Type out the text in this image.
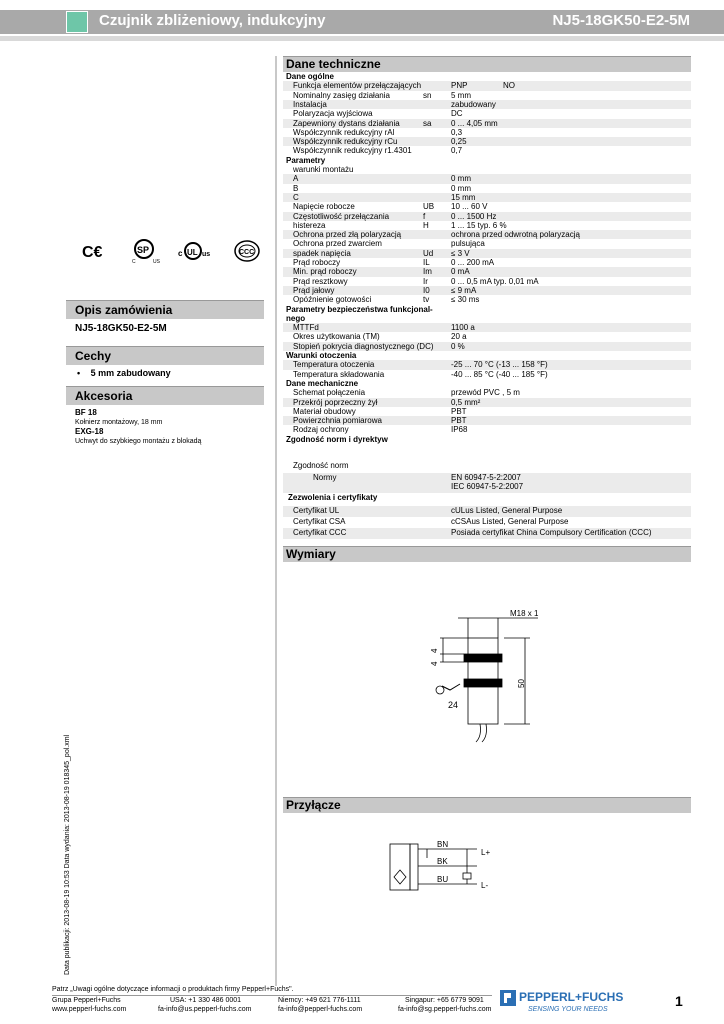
Czujnik zbliżeniowy, indukcyjny	NJ5-18GK50-E2-5M
C€	SP
C	US
c UL us	CCC
Opis zamówienia
NJ5-18GK50-E2-5M
Cechy
• 5 mm zabudowany
Akcesoria
BF 18
Kołnierz montażowy, 18 mm
EXG-18
Uchwyt do szybkiego montażu z blokadą
Data publikacji: 2013-08-19 10:53 Data wydania: 2013-08-19 018345_pol.xml
Dane techniczne
Dane ogólne
Funkcja elementów przełączających	PNP	NO
Nominalny zasięg działania	sn 5 mm
Instalacja	zabudowany
Polaryzacja wyjściowa	DC
Zapewniony dystans działania	sa 0 ... 4,05 mm
Współczynnik redukcyjny rAl	0,3
Współczynnik redukcyjny rCu	0,25
Współczynnik redukcyjny r1.4301	0,7
Parametry
warunki montażu
A	0 mm
B	0 mm
C	15 mm
Napięcie robocze	UB 10 ... 60 V
Częstotliwość przełączania	f	0 ... 1500 Hz
histereza	H	1 ... 15 typ. 6 %
Ochrona przed złą polaryzacją	ochrona przed odwrotną polaryzacją
Ochrona przed zwarciem	pulsująca
spadek napięcia	Ud ≤ 3 V
Prąd roboczy	IL	0 ... 200 mA
Min. prąd roboczy	Im 0 mA
Prąd resztkowy	Ir	0 ... 0,5 mA typ. 0,01 mA
Prąd jałowy	I0	≤ 9 mA
Opóźnienie gotowości	tv	≤ 30 ms
Parametry bezpieczeństwa funkcjonal-
nego
MTTFd	1100 a
Okres użytkowania (TM)	20 a
Stopień pokrycia diagnostycznego (DC) 0 %
Warunki otoczenia
Temperatura otoczenia	-25 ... 70 °C (-13 ... 158 °F)
Temperatura składowania	-40 ... 85 °C (-40 ... 185 °F)
Dane mechaniczne
Schemat połączenia	przewód PVC , 5 m
Przekrój poprzeczny żył	0,5 mm²
Materiał obudowy	PBT
Powierzchnia pomiarowa	PBT
Rodzaj ochrony	IP68
Zgodność norm i dyrektyw
Zgodność norm
Normy	EN 60947-5-2:2007
IEC 60947-5-2:2007
Zezwolenia i certyfikaty
Certyfikat UL	cULus Listed, General Purpose
Certyfikat CSA	cCSAus Listed, General Purpose
Certyfikat CCC	Posiada certyfikat China Compulsory Certification (CCC)
Wymiary
M18 x 1
4
4
50
24
Przyłącze
BN
BK
BU
L+
L-
Patrz „Uwagi ogólne dotyczące informacji o produktach firmy Pepperl+Fuchs".
Grupa Pepperl+Fuchs
www.pepperl-fuchs.com
USA: +1 330 486 0001
fa-info@us.pepperl-fuchs.com
Niemcy: +49 621 776-1111
fa-info@pepperl-fuchs.com
Singapur: +65 6779 9091
fa-info@sg.pepperl-fuchs.com
PEPPERL+FUCHS
SENSING YOUR NEEDS
1
